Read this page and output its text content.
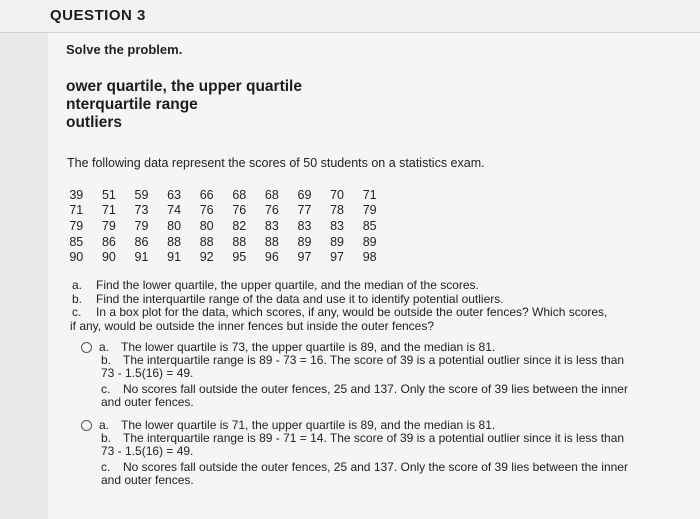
QUESTION 3
Solve the problem.
ower quartile, the upper quartile
nterquartile range
outliers
The following data represent the scores of 50 students on a statistics exam.
39	51	59	63	66	68	68	69	70	71
71	71	73	74	76	76	76	77	78	79
79	79	79	80	80	82	83	83	83	85
85	86	86	88	88	88	88	89	89	89
90	90	91	91	92	95	96	97	97	98
a.	Find the lower quartile, the upper quartile, and the median of the scores.
b.	Find the interquartile range of the data and use it to identify potential outliers.
c.	In a box plot for the data, which scores, if any, would be outside the outer fences? Which scores,
if any, would be outside the inner fences but inside the outer fences?
a. The lower quartile is 73, the upper quartile is 89, and the median is 81.
b. The interquartile range is 89 - 73 = 16. The score of 39 is a potential outlier since it is less than
73 - 1.5(16) = 49.
c. No scores fall outside the outer fences, 25 and 137. Only the score of 39 lies between the inner
and outer fences.
a. The lower quartile is 71, the upper quartile is 89, and the median is 81.
b. The interquartile range is 89 - 71 = 14. The score of 39 is a potential outlier since it is less than
73 - 1.5(16) = 49.
c. No scores fall outside the outer fences, 25 and 137. Only the score of 39 lies between the inner
and outer fences.
